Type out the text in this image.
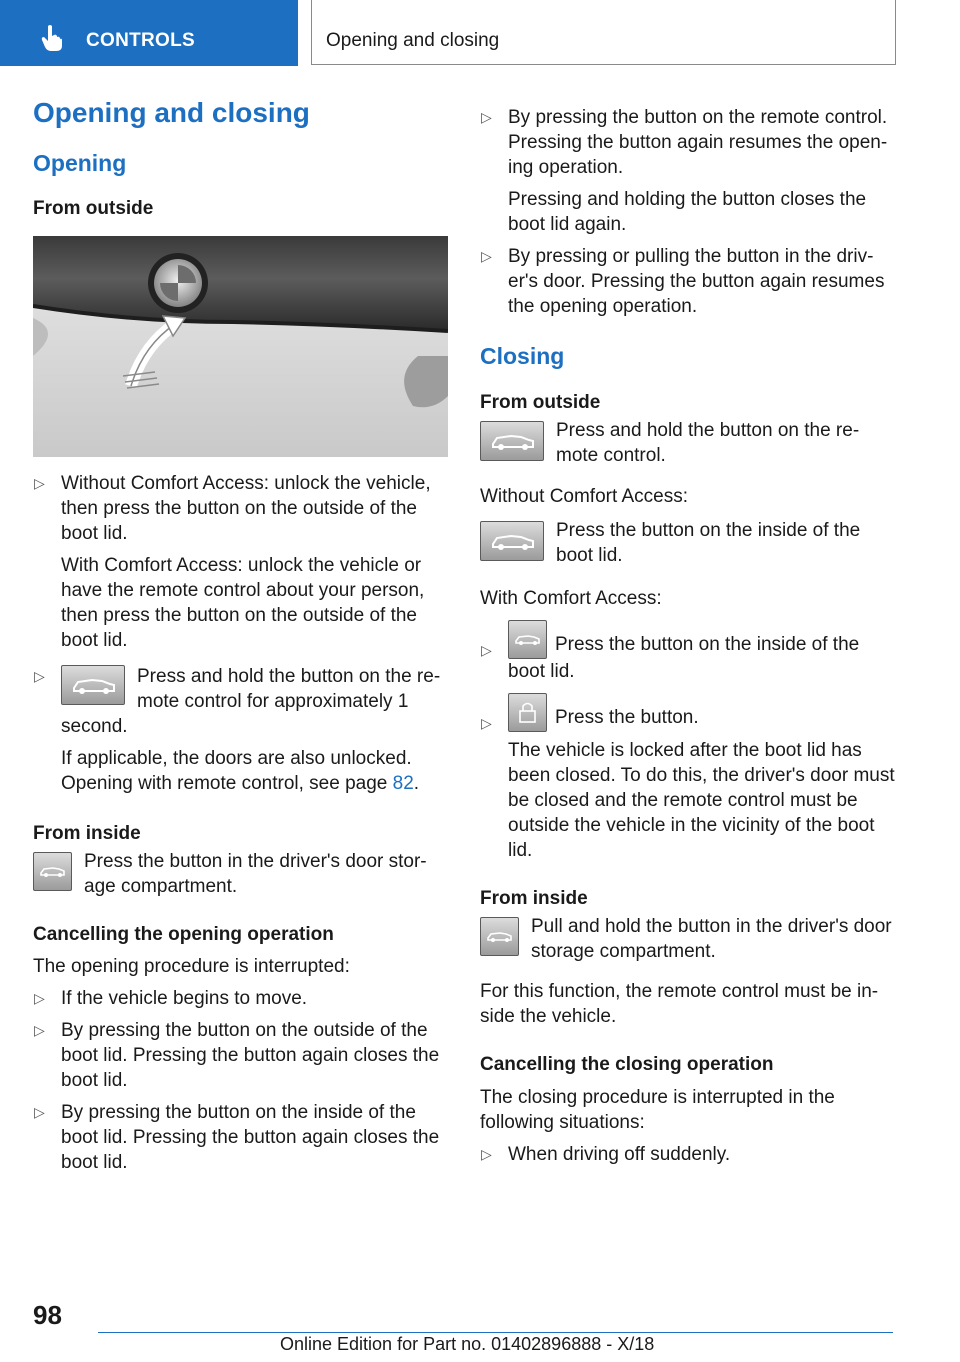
CONTROLS	Opening and closing
Opening and closing
Opening
From outside
▷ Without Comfort Access: unlock the vehicle, then press the button on the outside of the boot lid.

With Comfort Access: unlock the vehicle or have the remote control about your person, then press the button on the outside of the boot lid.

▷	Press and hold the button on the re-mote control for approximately 1 second.

If applicable, the doors are also unlocked. Opening with remote control, see page 82.

From inside

Press the button in the driver's door stor-age compartment.

Cancelling the opening operation

The opening procedure is interrupted:

▷ If the vehicle begins to move.

▷ By pressing the button on the outside of the boot lid. Pressing the button again closes the boot lid.

▷ By pressing the button on the inside of the boot lid. Pressing the button again closes the boot lid.

▷ By pressing the button on the remote control. Pressing the button again resumes the open-ing operation.

Pressing and holding the button closes the boot lid again.

▷ By pressing or pulling the button in the driv-er's door. Pressing the button again resumes the opening operation.

Closing
From outside

Press and hold the button on the re-mote control.

Without Comfort Access:

Press the button on the inside of the boot lid.

With Comfort Access:

▷	Press the button on the inside of the boot lid.

▷	Press the button.

The vehicle is locked after the boot lid has been closed. To do this, the driver's door must be closed and the remote control must be outside the vehicle in the vicinity of the boot lid.

From inside

Pull and hold the button in the driver's door storage compartment.

For this function, the remote control must be in-side the vehicle.

Cancelling the closing operation

The closing procedure is interrupted in the following situations:

▷ When driving off suddenly.

98
Online Edition for Part no. 01402896888 - X/18
